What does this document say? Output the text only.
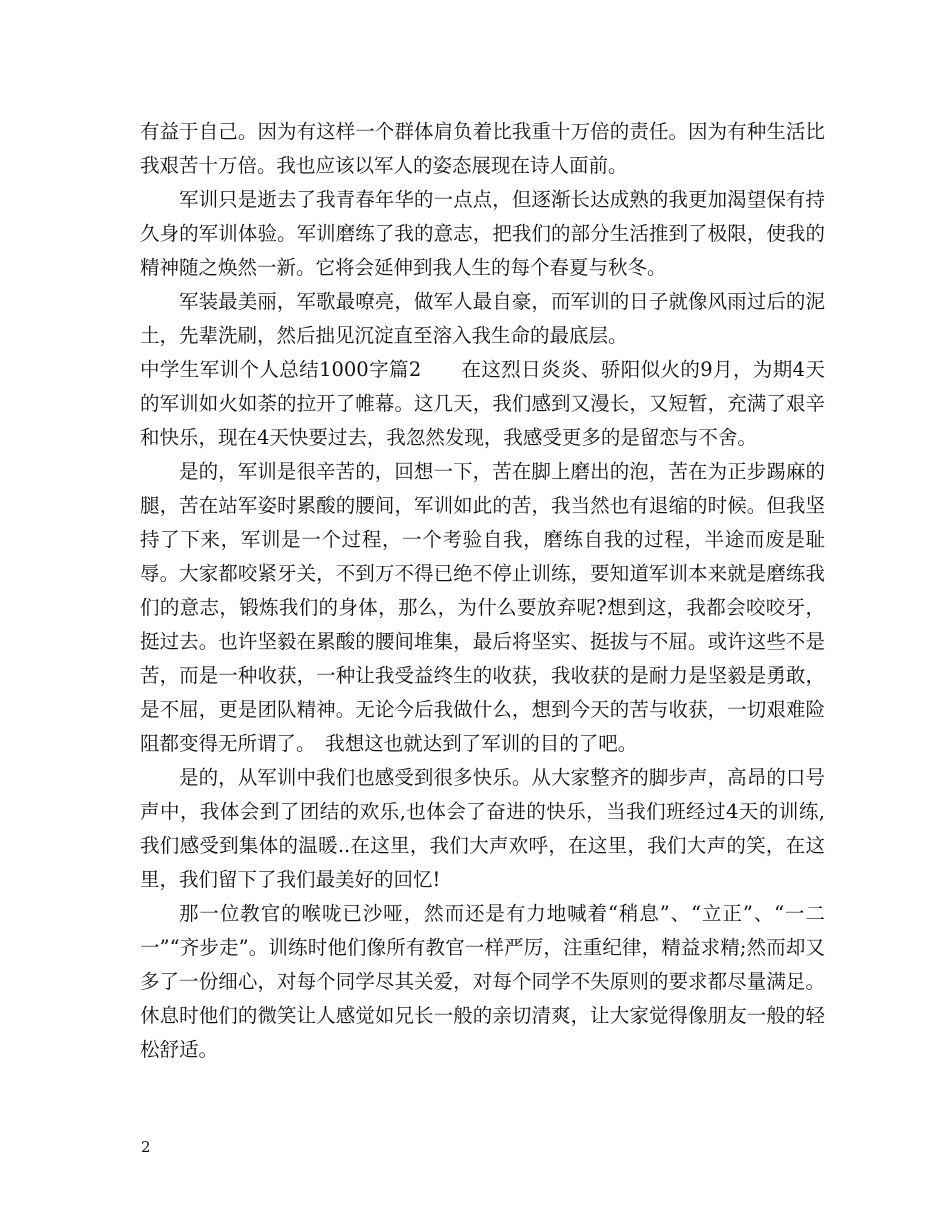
有益于自己。因为有这样一个群体肩负着比我重十万倍的责任。因为有种生活比我艰苦十万倍。我也应该以军人的姿态展现在诗人面前。

军训只是逝去了我青春年华的一点点，但逐渐长达成熟的我更加渴望保有持久身的军训体验。军训磨练了我的意志，把我们的部分生活推到了极限，使我的精神随之焕然一新。它将会延伸到我人生的每个春夏与秋冬。

军装最美丽，军歌最嘹亮，做军人最自豪，而军训的日子就像风雨过后的泥土，先辈洗刷，然后拙见沉淀直至溶入我生命的最底层。

中学生军训个人总结1000字篇2　　在这烈日炎炎、骄阳似火的9月，为期4天的军训如火如荼的拉开了帷幕。这几天，我们感到又漫长，又短暂，充满了艰辛和快乐，现在4天快要过去，我忽然发现，我感受更多的是留恋与不舍。

是的，军训是很辛苦的，回想一下，苦在脚上磨出的泡，苦在为正步踢麻的腿，苦在站军姿时累酸的腰间，军训如此的苦，我当然也有退缩的时候。但我坚持了下来，军训是一个过程，一个考验自我，磨练自我的过程，半途而废是耻辱。大家都咬紧牙关，不到万不得已绝不停止训练，要知道军训本来就是磨练我们的意志，锻炼我们的身体，那么，为什么要放弃呢?想到这，我都会咬咬牙，挺过去。也许坚毅在累酸的腰间堆集，最后将坚实、挺拔与不屈。或许这些不是苦，而是一种收获，一种让我受益终生的收获，我收获的是耐力是坚毅是勇敢，是不屈，更是团队精神。无论今后我做什么，想到今天的苦与收获，一切艰难险阻都变得无所谓了。　我想这也就达到了军训的目的了吧。

是的，从军训中我们也感受到很多快乐。从大家整齐的脚步声，高昂的口号声中，我体会到了团结的欢乐,也体会了奋进的快乐，当我们班经过4天的训练,我们感受到集体的温暖..在这里，我们大声欢呼，在这里，我们大声的笑，在这里，我们留下了我们最美好的回忆!

那一位教官的喉咙已沙哑，然而还是有力地喊着“稍息”、“立正”、“一二一”“齐步走”。训练时他们像所有教官一样严厉，注重纪律，精益求精;然而却又多了一份细心，对每个同学尽其关爱，对每个同学不失原则的要求都尽量满足。休息时他们的微笑让人感觉如兄长一般的亲切清爽，让大家觉得像朋友一般的轻松舒适。

2
